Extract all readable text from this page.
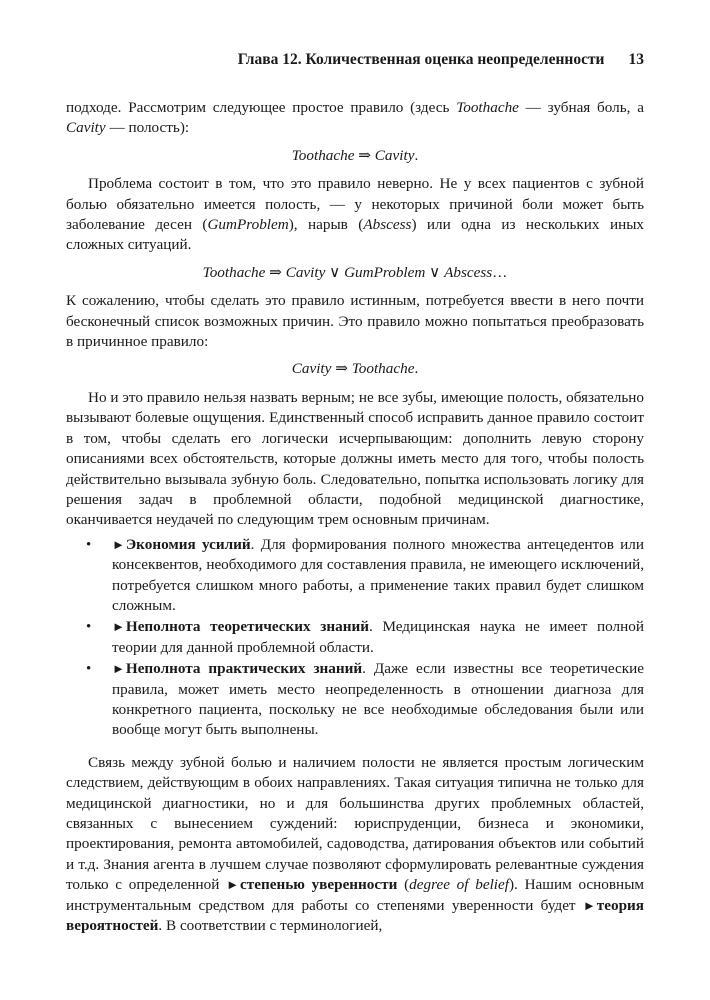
Глава 12. Количественная оценка неопределенности 13

подходе. Рассмотрим следующее простое правило (здесь Toothache — зубная боль, а Cavity — полость):

Toothache ⇒ Cavity.

Проблема состоит в том, что это правило неверно. Не у всех пациентов с зубной болью обязательно имеется полость, — у некоторых причиной боли может быть заболевание десен (GumProblem), нарыв (Abscess) или одна из нескольких иных сложных ситуаций.

Toothache ⇒ Cavity ∨ GumProblem ∨ Abscess…

К сожалению, чтобы сделать это правило истинным, потребуется ввести в него почти бесконечный список возможных причин. Это правило можно попытаться преобразовать в причинное правило:

Cavity ⇒ Toothache.

Но и это правило нельзя назвать верным; не все зубы, имеющие полость, обязательно вызывают болевые ощущения. Единственный способ исправить данное правило состоит в том, чтобы сделать его логически исчерпывающим: дополнить левую сторону описаниями всех обстоятельств, которые должны иметь место для того, чтобы полость действительно вызывала зубную боль. Следовательно, попытка использовать логику для решения задач в проблемной области, подобной медицинской диагностике, оканчивается неудачей по следующим трем основным причинам.

• ►Экономия усилий. Для формирования полного множества антецедентов или консеквентов, необходимого для составления правила, не имеющего исключений, потребуется слишком много работы, а применение таких правил будет слишком сложным.
• ►Неполнота теоретических знаний. Медицинская наука не имеет полной теории для данной проблемной области.
• ►Неполнота практических знаний. Даже если известны все теоретические правила, может иметь место неопределенность в отношении диагноза для конкретного пациента, поскольку не все необходимые обследования были или вообще могут быть выполнены.

Связь между зубной болью и наличием полости не является простым логическим следствием, действующим в обоих направлениях. Такая ситуация типична не только для медицинской диагностики, но и для большинства других проблемных областей, связанных с вынесением суждений: юриспруденции, бизнеса и экономики, проектирования, ремонта автомобилей, садоводства, датирования объектов или событий и т.д. Знания агента в лучшем случае позволяют сформулировать релевантные суждения только с определенной ►степенью уверенности (degree of belief). Нашим основным инструментальным средством для работы со степенями уверенности будет ►теория вероятностей. В соответствии с терминологией,
